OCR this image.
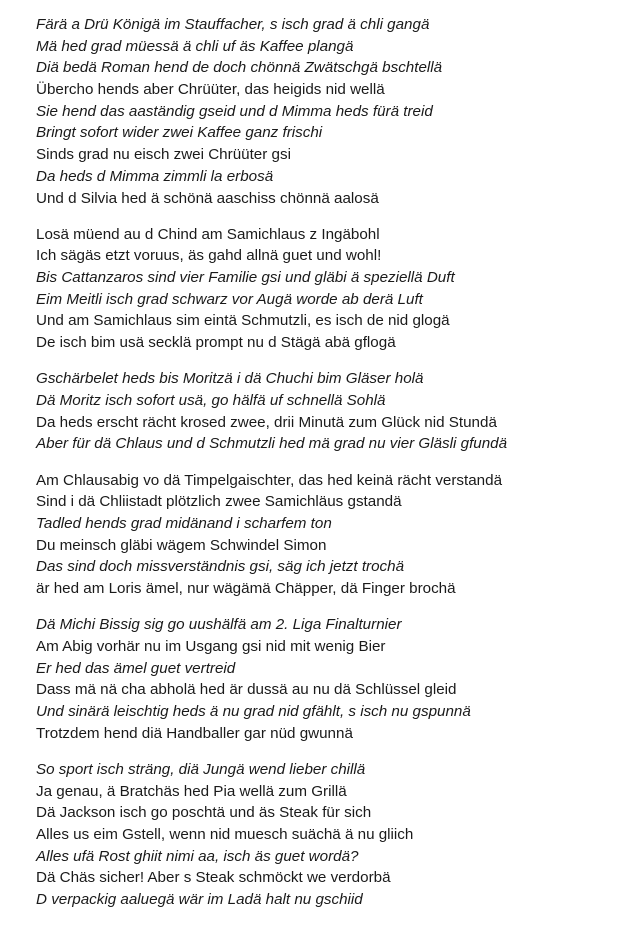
Färä a Drü Königä im Stauffacher, s isch grad ä chli gangä
Mä hed grad müessä ä chli uf äs Kaffee plangä
Diä bedä Roman hend de doch chönnä Zwätschgä bschtellä
Übercho hends aber Chrüüter, das heigids nid wellä
Sie hend das aaständig gseid und d Mimma heds fürä treid
Bringt sofort wider zwei Kaffee ganz frischi
Sinds grad nu eisch zwei Chrüüter gsi
Da heds d Mimma zimmli la erbosä
Und d Silvia hed ä schönä aaschiss chönnä aalosä
Losä müend au d Chind am Samichlaus z Ingäbohl
Ich sägäs etzt voruus, äs gahd allnä guet und wohl!
Bis Cattanzaros sind vier Familie gsi und gläbi ä speziellä Duft
Eim Meitli isch grad schwarz vor Augä worde ab derä Luft
Und am Samichlaus sim eintä Schmutzli, es isch de nid glogä
De isch bim usä secklä prompt nu d Stägä abä gflogä
Gschärbelet heds bis Moritzä i dä Chuchi bim Gläser holä
Dä Moritz isch sofort usä, go hälfä uf schnellä Sohlä
Da heds erscht rächt krosed zwee, drii Minutä zum Glück nid Stundä
Aber für dä Chlaus und d Schmutzli hed mä grad nu vier Gläsli gfundä
Am Chlausabig vo dä Timpelgaischter, das hed keinä rächt verstandä
Sind i dä Chliistadt plötzlich zwee Samichläus gstandä
Tadled hends grad midänand i scharfem ton
Du meinsch gläbi wägem Schwindel Simon
Das sind doch missverständnis gsi, säg ich jetzt trochä
är hed am Loris ämel, nur wägämä Chäpper, dä Finger brochä
Dä Michi Bissig sig go uushälfä am 2. Liga Finalturnier
Am Abig vorhär nu im Usgang gsi nid mit wenig Bier
Er hed das ämel guet vertreid
Dass mä nä cha abholä hed är dussä au nu dä Schlüssel gleid
Und sinärä leischtig heds ä nu grad nid gfählt, s isch nu gspunnä
Trotzdem hend diä Handballer gar nüd gwunnä
So sport isch sträng, diä Jungä wend lieber chillä
Ja genau, ä Bratchäs hed Pia wellä zum Grillä
Dä Jackson isch go poschtä und äs Steak für sich
Alles us eim Gstell, wenn nid muesch suächä ä nu gliich
Alles ufä Rost ghiit nimi aa, isch äs guet wordä?
Dä Chäs sicher! Aber s Steak schmöckt we verdorbä
D verpackig aaluegä wär im Ladä halt nu gschiid
